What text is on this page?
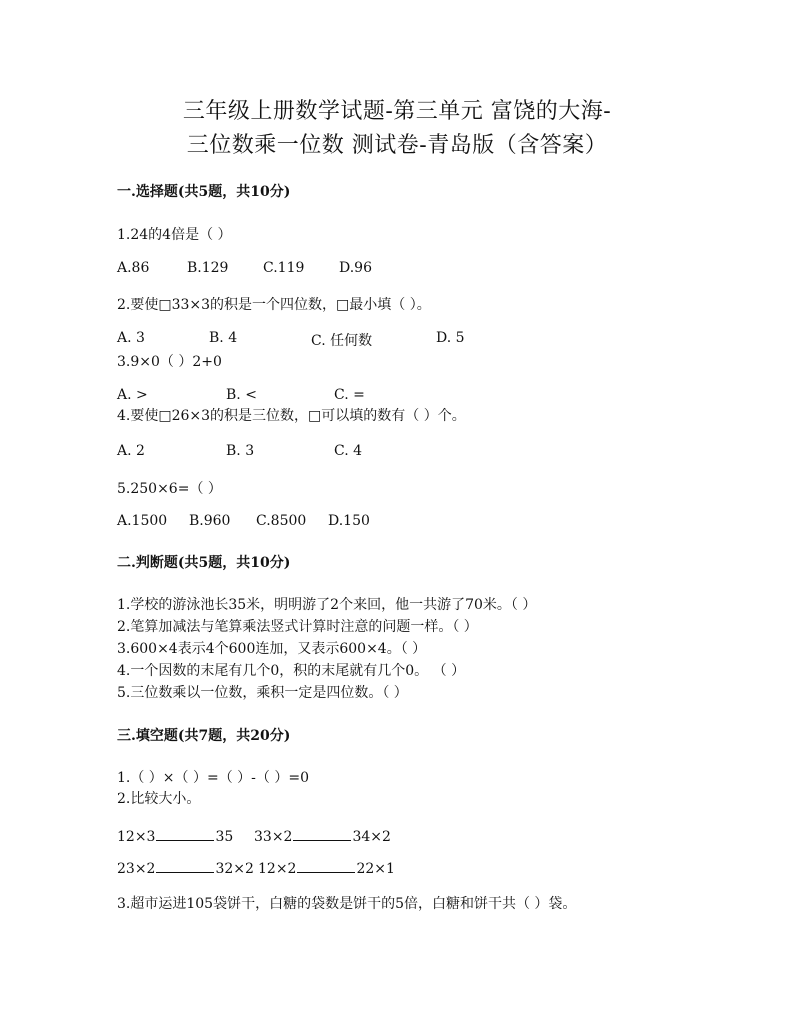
三年级上册数学试题-第三单元 富饶的大海-
三位数乘一位数 测试卷-青岛版（含答案）
一.选择题(共5题，共10分)
1.24的4倍是（ ）
A.86	B.129 C.119 D.96
2.要使□33×3的积是一个四位数，□最小填（ ）。
A. 3	B. 4	C. 任何数	D. 5
3.9×0（ ）2+0
A. >	B. <	C. =
4.要使□26×3的积是三位数，□可以填的数有（ ）个。
A. 2	B. 3	C. 4
5.250×6=（ ）
A.1500 B.960 C.8500 D.150
二.判断题(共5题，共10分)
1.学校的游泳池长35米，明明游了2个来回，他一共游了70米。（ ）
2.笔算加减法与笔算乘法竖式计算时注意的问题一样。（ ）
3.600×4表示4个600连加，又表示600×4。（ ）
4.一个因数的末尾有几个0，积的末尾就有几个0。 （ ）
5.三位数乘以一位数，乘积一定是四位数。（ ）
三.填空题(共7题，共20分)
1.（ ）×（ ）=（ ）-（ ）=0
2.比较大小。
12×3	35 33×2	34×2
23×2	32×2 12×2	22×1
3.超市运进105袋饼干，白糖的袋数是饼干的5倍，白糖和饼干共（ ）袋。
